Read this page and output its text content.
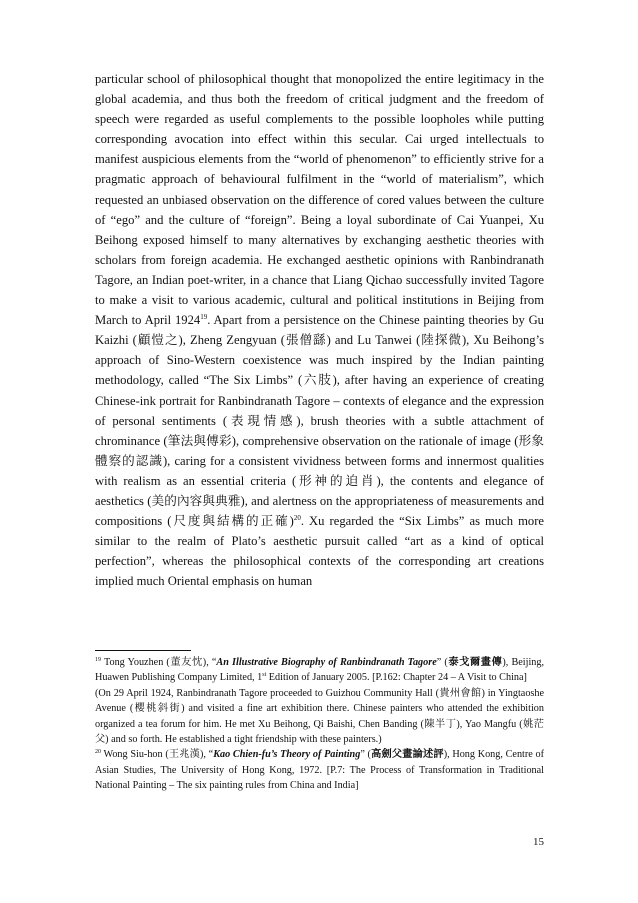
particular school of philosophical thought that monopolized the entire legitimacy in the global academia, and thus both the freedom of critical judgment and the freedom of speech were regarded as useful complements to the possible loopholes while putting corresponding avocation into effect within this secular. Cai urged intellectuals to manifest auspicious elements from the “world of phenomenon” to efficiently strive for a pragmatic approach of behavioural fulfilment in the “world of materialism”, which requested an unbiased observation on the difference of cored values between the culture of “ego” and the culture of “foreign”. Being a loyal subordinate of Cai Yuanpei, Xu Beihong exposed himself to many alternatives by exchanging aesthetic theories with scholars from foreign academia. He exchanged aesthetic opinions with Ranbindranath Tagore, an Indian poet-writer, in a chance that Liang Qichao successfully invited Tagore to make a visit to various academic, cultural and political institutions in Beijing from March to April 1924$^{19}$. Apart from a persistence on the Chinese painting theories by Gu Kaizhi (顧愷之), Zheng Zengyuan (張僧繇) and Lu Tanwei (陸探微), Xu Beihong’s approach of Sino-Western coexistence was much inspired by the Indian painting methodology, called “The Six Limbs” (六肢), after having an experience of creating Chinese-ink portrait for Ranbindranath Tagore – contexts of elegance and the expression of personal sentiments (表現情感), brush theories with a subtle attachment of chrominance (筆法與傅彩), comprehensive observation on the rationale of image (形象體察的認識), caring for a consistent vividness between forms and innermost qualities with realism as an essential criteria (形神的迫肖), the contents and elegance of aesthetics (美的內容與典雅), and alertness on the appropriateness of measurements and compositions (尺度與結構的正確)$^{20}$. Xu regarded the “Six Limbs” as much more similar to the realm of Plato’s aesthetic pursuit called “art as a kind of optical perfection”, whereas the philosophical contexts of the corresponding art creations implied much Oriental emphasis on human

$^{19}$ Tong Youzhen (董友忱), “An Illustrative Biography of Ranbindranath Tagore” (泰戈爾畫傳), Beijing, Huawen Publishing Company Limited, 1st Edition of January 2005. [P.162: Chapter 24 – A Visit to China]

(On 29 April 1924, Ranbindranath Tagore proceeded to Guizhou Community Hall (貴州會館) in Yingtaoshe Avenue (櫻桃斜街) and visited a fine art exhibition there. Chinese painters who attended the exhibition organized a tea forum for him. He met Xu Beihong, Qi Baishi, Chen Banding (陳半丁), Yao Mangfu (姚茫父) and so forth. He established a tight friendship with these painters.)

$^{20}$ Wong Siu-hon (王兆漢), “Kao Chien-fu’s Theory of Painting” (高劍父畫論述評), Hong Kong, Centre of Asian Studies, The University of Hong Kong, 1972. [P.7: The Process of Transformation in Traditional National Painting – The six painting rules from China and India]

15
